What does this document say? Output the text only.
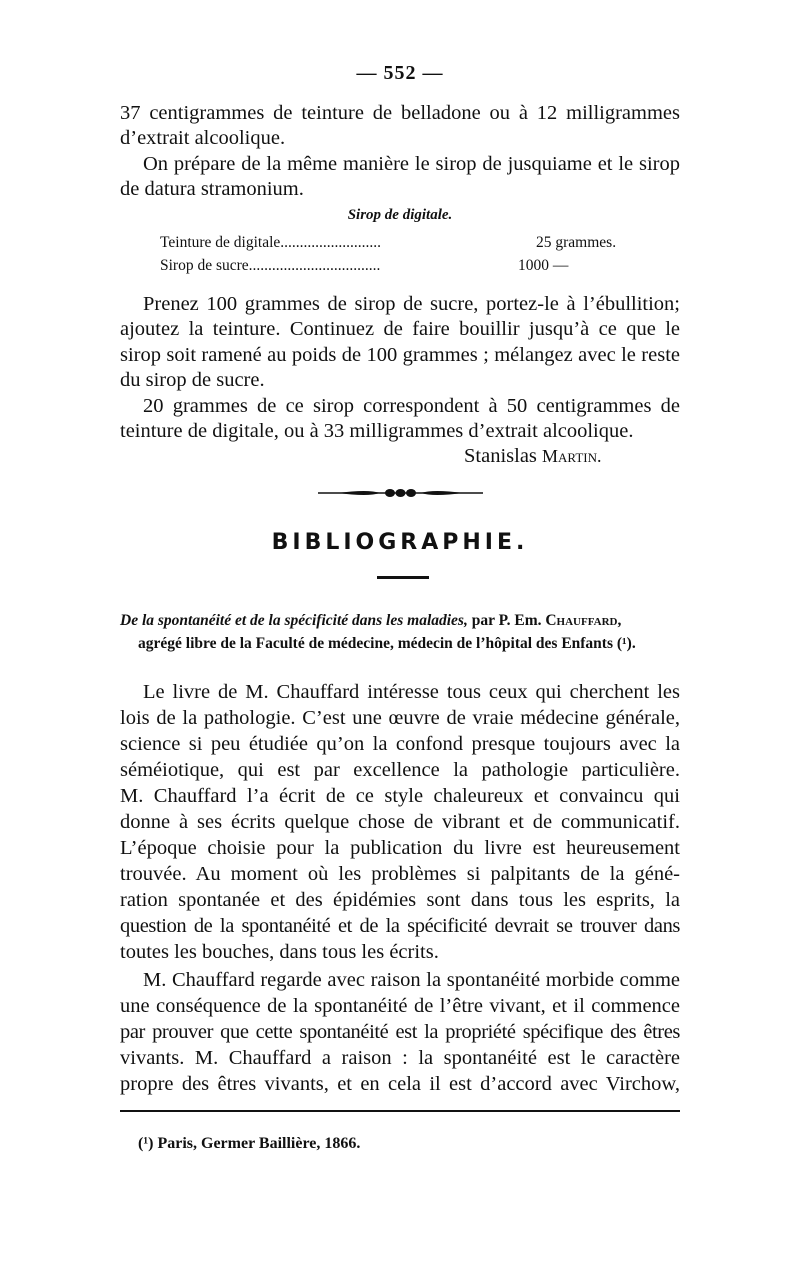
— 552 —
37 centigrammes de teinture de belladone ou à 12 milligrammes
d’extrait alcoolique.
On prépare de la même manière le sirop de jusquiame et le sirop
de datura stramonium.
Sirop de digitale.
Teinture de digitale..........................	25 grammes.
Sirop de sucre..................................	1000 —
Prenez 100 grammes de sirop de sucre, portez-le à l’ébullition;
ajoutez la teinture. Continuez de faire bouillir jusqu’à ce que le
sirop soit ramené au poids de 100 grammes ; mélangez avec le reste
du sirop de sucre.
20 grammes de ce sirop correspondent à 50 centigrammes de
teinture de digitale, ou à 33 milligrammes d’extrait alcoolique.
Stanislas Martin.
BIBLIOGRAPHIE.
De la spontanéité et de la spécificité dans les maladies, par P. Em. Chauffard,
agrégé libre de la Faculté de médecine, médecin de l’hôpital des Enfants (¹).
Le livre de M. Chauffard intéresse tous ceux qui cherchent les
lois de la pathologie. C’est une œuvre de vraie médecine générale,
science si peu étudiée qu’on la confond presque toujours avec la
séméiotique, qui est par excellence la pathologie particulière.
M. Chauffard l’a écrit de ce style chaleureux et convaincu qui
donne à ses écrits quelque chose de vibrant et de communicatif.
L’époque choisie pour la publication du livre est heureusement
trouvée. Au moment où les problèmes si palpitants de la géné-
ration spontanée et des épidémies sont dans tous les esprits, la
question de la spontanéité et de la spécificité devrait se trouver dans
toutes les bouches, dans tous les écrits.
M. Chauffard regarde avec raison la spontanéité morbide comme
une conséquence de la spontanéité de l’être vivant, et il commence
par prouver que cette spontanéité est la propriété spécifique des êtres
vivants. M. Chauffard a raison : la spontanéité est le caractère
propre des êtres vivants, et en cela il est d’accord avec Virchow,
(¹) Paris, Germer Baillière, 1866.
